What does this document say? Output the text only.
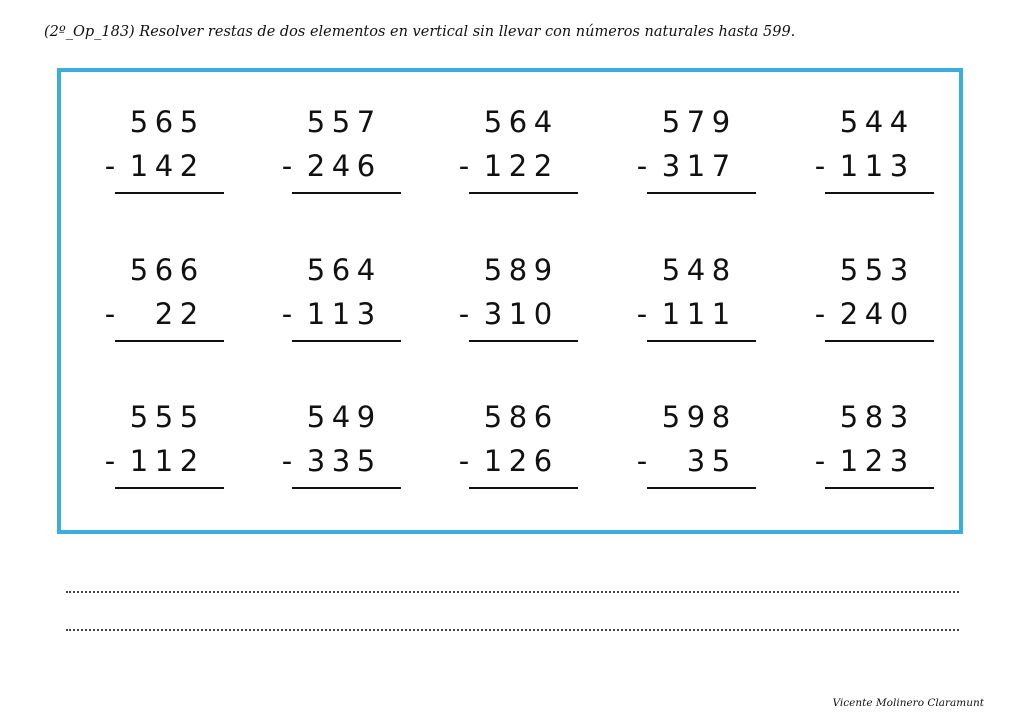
(2º_Op_183) Resolver restas de dos elementos en vertical sin llevar con números naturales hasta 599.
5 6 5
- 1 4 2
5 5 7
- 2 4 6
5 6 4
- 1 2 2
5 7 9
- 3 1 7
5 4 4
- 1 1 3
5 6 6
- 2 2
5 6 4
- 1 1 3
5 8 9
- 3 1 0
5 4 8
- 1 1 1
5 5 3
- 2 4 0
5 5 5
- 1 1 2
5 4 9
- 3 3 5
5 8 6
- 1 2 6
5 9 8
- 3 5
5 8 3
- 1 2 3
Vicente Molinero Claramunt
